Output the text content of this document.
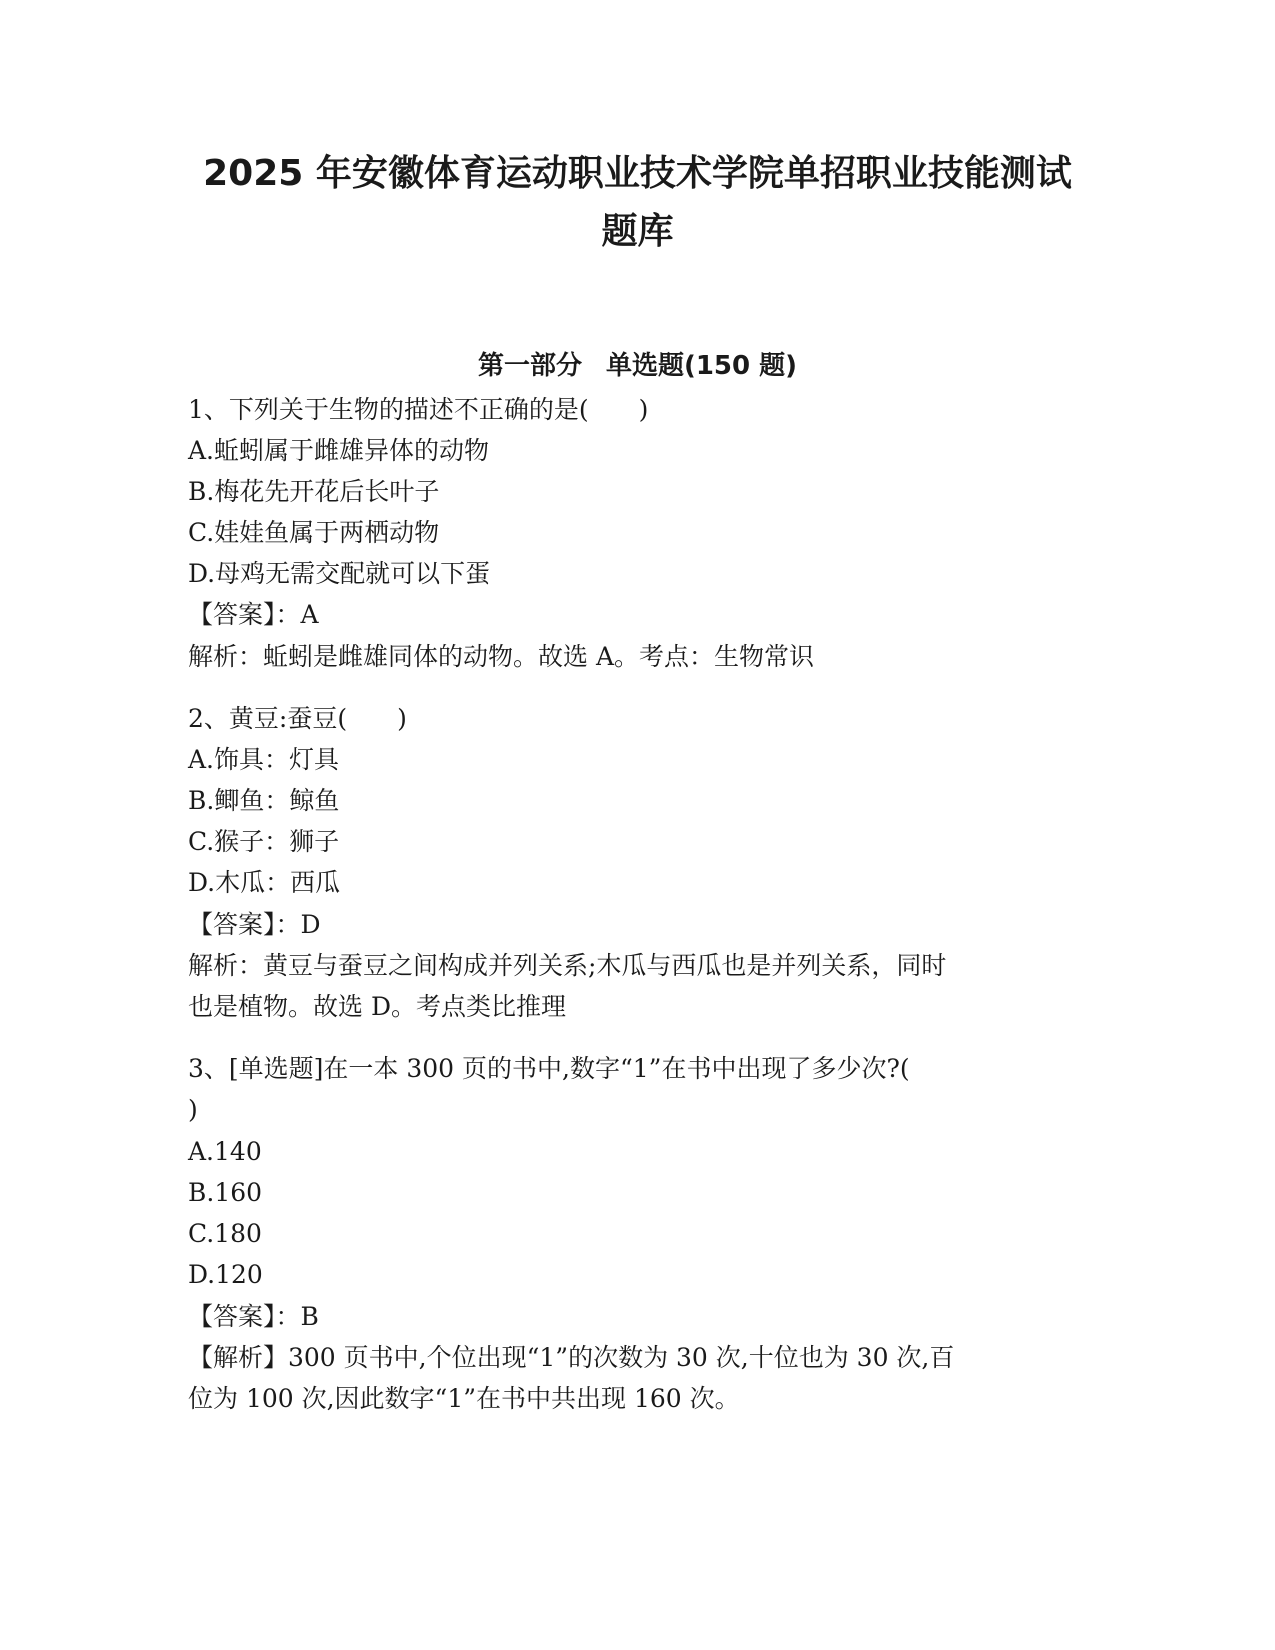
2025 年安徽体育运动职业技术学院单招职业技能测试
题库
第一部分 单选题(150 题)

1、下列关于生物的描述不正确的是(　　)

A.蚯蚓属于雌雄异体的动物

B.梅花先开花后长叶子

C.娃娃鱼属于两栖动物

D.母鸡无需交配就可以下蛋

【答案】：A

解析：蚯蚓是雌雄同体的动物。故选 A。考点：生物常识

2、黄豆:蚕豆(　　)

A.饰具：灯具

B.鲫鱼：鲸鱼

C.猴子：狮子

D.木瓜：西瓜

【答案】：D

解析：黄豆与蚕豆之间构成并列关系;木瓜与西瓜也是并列关系，同时

也是植物。故选 D。考点类比推理

3、[单选题]在一本 300 页的书中,数字“1”在书中出现了多少次?(

)

A.140

B.160

C.180

D.120

【答案】：B

【解析】300 页书中,个位出现“1”的次数为 30 次,十位也为 30 次,百

位为 100 次,因此数字“1”在书中共出现 160 次。
